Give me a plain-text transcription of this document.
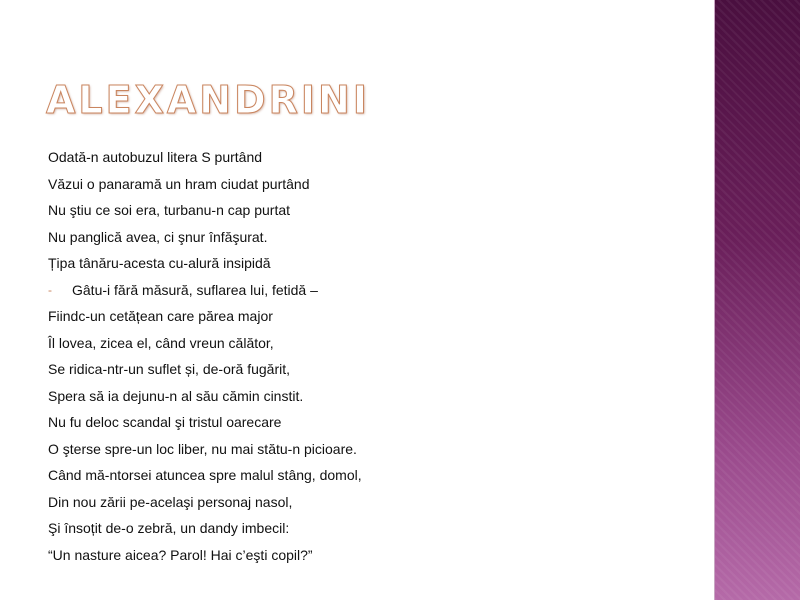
ALEXANDRINI
Odată-n autobuzul litera S purtând
Văzui o panaramă un hram ciudat purtând
Nu ştiu ce soi era, turbanu-n cap purtat
Nu panglică avea, ci şnur înfăşurat.
Țipa tânăru-acesta cu-alură insipidă
- Gâtu-i fără măsură, suflarea lui, fetidă –
Fiindc-un cetățean care părea major
Îl lovea, zicea el, când vreun călător,
Se ridica-ntr-un suflet și, de-oră fugărit,
Spera să ia dejunu-n al său cămin cinstit.
Nu fu deloc scandal şi tristul oarecare
O şterse spre-un loc liber, nu mai stătu-n picioare.
Când mă-ntorsei atuncea spre malul stâng, domol,
Din nou zării pe-acelaşi personaj nasol,
Şi însoțit de-o zebră, un dandy imbecil:
“Un nasture aicea? Parol! Hai c’eşti copil?”
